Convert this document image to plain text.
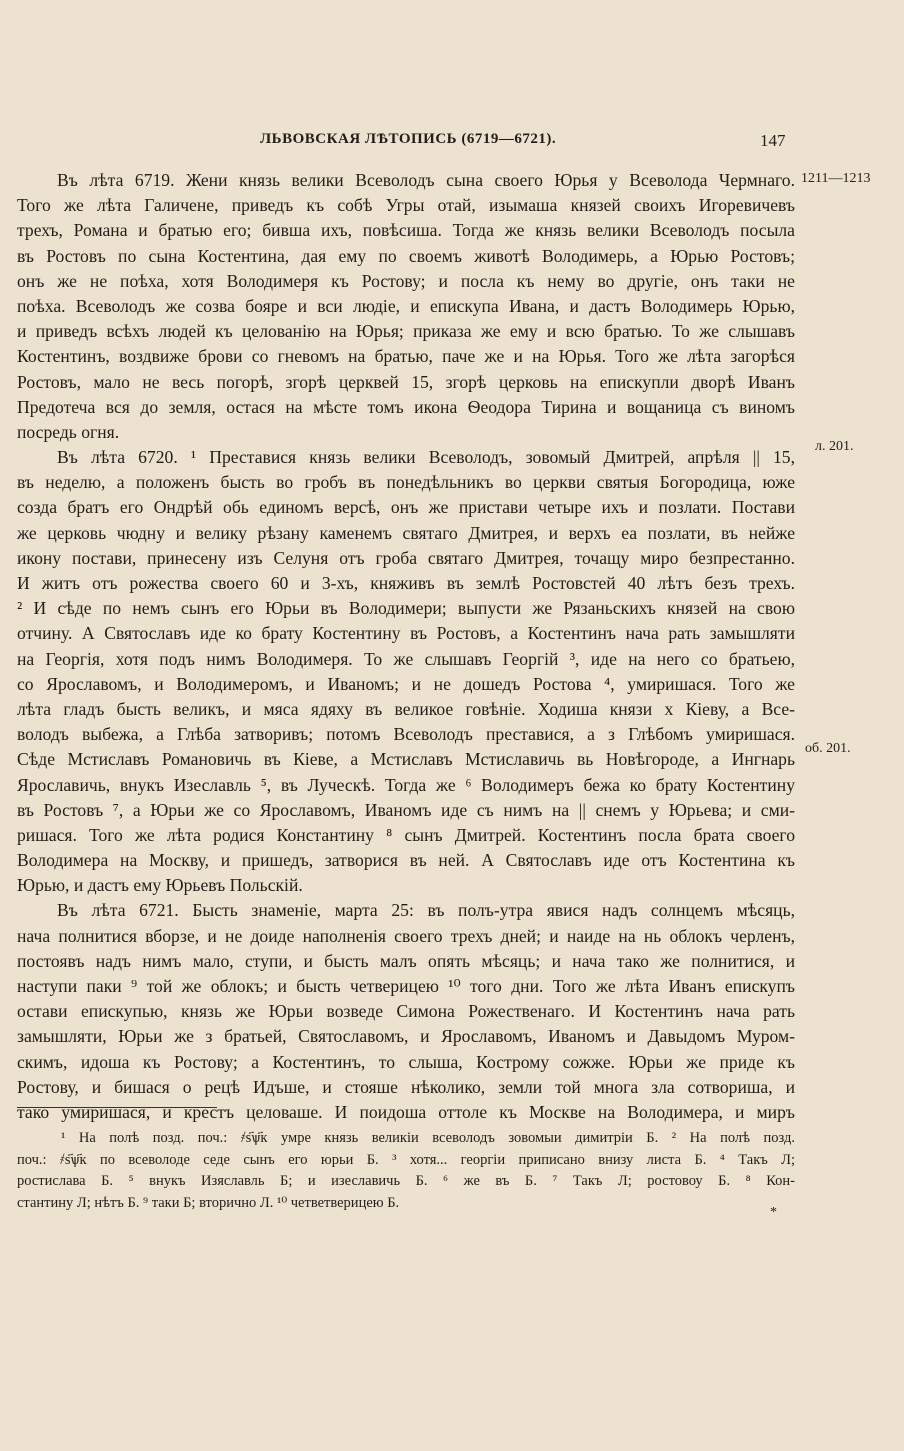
ЛЬВОВСКАЯ ЛѢТОПИСЬ (6719—6721).	147
1211—1213
л. 201.
об. 201.
Въ лѣта 6719. Жени князь велики Всеволодъ сына своего Юрья у Всеволода Чермнаго.
Того же лѣта Галичене, приведъ къ собѣ Угры отай, изымаша князей своихъ Игоревичевъ
трехъ, Романа и братью его; бивша ихъ, повѣсиша. Тогда же князь велики Всеволодъ посыла
въ Ростовъ по сына Костентина, дая ему по своемъ животѣ Володимерь, а Юрью Ростовъ;
онъ же не поѣха, хотя Володимеря къ Ростову; и посла къ нему во другіе, онъ таки не
поѣха. Всеволодъ же созва бояре и вси людіе, и епискупа Ивана, и дастъ Володимерь Юрью,
и приведъ всѣхъ людей къ целованію на Юрья; приказа же ему и всю братью. То же слышавъ
Костентинъ, воздвиже брови со гневомъ на братью, паче же и на Юрья. Того же лѣта загорѣся
Ростовъ, мало не весь погорѣ, згорѣ церквей 15, згорѣ церковь на епискупли дворѣ Иванъ
Предотеча вся до земля, остася на мѣсте томъ икона Ѳеодора Тирина и вощаница съ виномъ
посредь огня.
Въ лѣта 6720. ¹ Преставися князь велики Всеволодъ, зовомый Дмитрей, апрѣля || 15,
въ неделю, а положенъ бысть во гробъ въ понедѣльникъ во церкви святыя Богородица, юже
созда братъ его Ондрѣй обь единомъ версѣ, онъ же пристави четыре ихъ и позлати. Постави
же церковь чюдну и велику рѣзану каменемъ святаго Дмитрея, и верхъ еа позлати, въ нейже
икону постави, принесену изъ Селуня отъ гроба святаго Дмитрея, точащу миро безпрестанно.
И житъ отъ рожества своего 60 и 3-хъ, княживъ въ землѣ Ростовстей 40 лѣтъ безъ трехъ.
² И сѣде по немъ сынъ его Юрьи въ Володимери; выпусти же Рязаньскихъ князей на свою
отчину. А Святославъ иде ко брату Костентину въ Ростовъ, а Костентинъ нача рать замышляти
на Георгія, хотя подъ нимъ Володимеря. То же слышавъ Георгій ³, иде на него со братьею,
со Ярославомъ, и Володимеромъ, и Иваномъ; и не дошедъ Ростова ⁴, умиришася. Того же
лѣта гладъ бысть великъ, и мяса ядяху въ великое говѣніе. Ходиша князи х Кіеву, а Все-
володъ выбежа, а Глѣба затворивъ; потомъ Всеволодъ преставися, а з Глѣбомъ умиришася.
Сѣде Мстиславъ Романовичь въ Кіеве, а Мстиславъ Мстиславичь вь Новѣгороде, а Ингнарь
Ярославичь, внукъ Изеславль ⁵, въ Луческѣ. Тогда же ⁶ Володимеръ бежа ко брату Костентину
въ Ростовъ ⁷, а Юрьи же со Ярославомъ, Иваномъ иде съ нимъ на || снемъ у Юрьева; и сми-
ришася. Того же лѣта родися Константину ⁸ сынъ Дмитрей. Костентинъ посла брата своего
Володимера на Москву, и пришедъ, затворися въ ней. А Святославъ иде отъ Костентина къ
Юрью, и дастъ ему Юрьевъ Польскій.
Въ лѣта 6721. Бысть знаменіе, марта 25: въ полъ-утра явися надъ солнцемъ мѣсяць,
нача полнитися вборзе, и не доиде наполненія своего трехъ дней; и наиде на нь облокъ черленъ,
постоявъ надъ нимъ мало, ступи, и бысть малъ опять мѣсяць; и нача тако же полнитися, и
наступи паки ⁹ той же облокъ; и бысть четверицею ¹⁰ того дни. Того же лѣта Иванъ епискупъ
остави епискупью, князь же Юрьи возведе Симона Рожественаго. И Костентинъ нача рать
замышляти, Юрьи же з братьей, Святославомъ, и Ярославомъ, Иваномъ и Давыдомъ Муром-
скимъ, идоша къ Ростову; а Костентинъ, то слыша, Кострому сожже. Юрьи же приде къ
Ростову, и бишася о рецѣ Идъше, и стояше нѣколико, земли той многа зла сотвориша, и
тако умиришася, и крестъ целоваше. И поидоша оттоле къ Москве на Володимера, и миръ
¹ На полѣ позд. поч.: ҂ѕ҃ѱ҃к умре князь великіи всеволодъ зовомыи димитріи Б. ² На полѣ позд.
поч.: ҂ѕ҃ѱ҃к по всеволоде седе сынъ его юрьи Б. ³ хотя... георгіи приписано внизу листа Б. ⁴ Такъ Л;
ростислава Б. ⁵ внукъ Изяславль Б; и изеславичь Б. ⁶ же въ Б. ⁷ Такъ Л; ростовоу Б. ⁸ Кон-
стантину Л; нѣтъ Б. ⁹ таки Б; вторично Л. ¹⁰ четветверицею Б.
*
